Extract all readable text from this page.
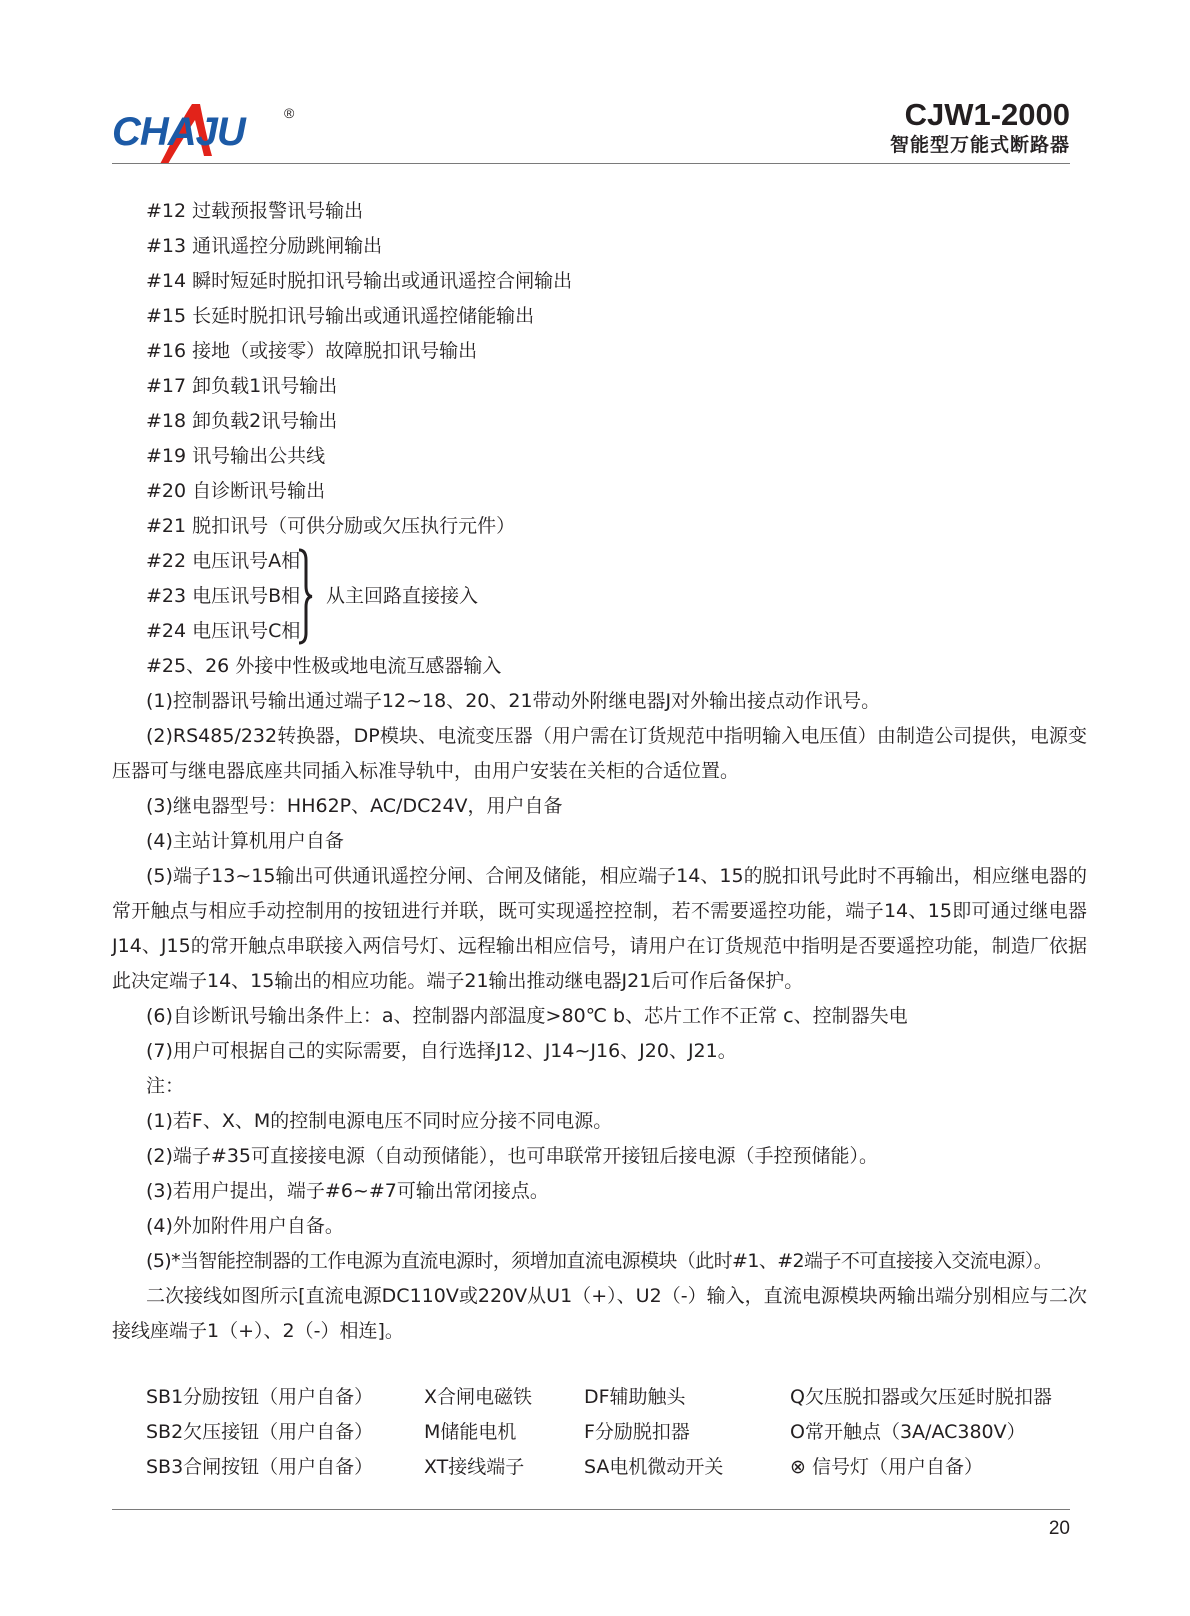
CHAJU	®	CJW1-2000
智能型万能式断路器
#12 过载预报警讯号输出
#13 通讯遥控分励跳闸输出
#14 瞬时短延时脱扣讯号输出或通讯遥控合闸输出
#15 长延时脱扣讯号输出或通讯遥控储能输出
#16 接地（或接零）故障脱扣讯号输出
#17 卸负载1讯号输出
#18 卸负载2讯号输出
#19 讯号输出公共线
#20 自诊断讯号输出
#21 脱扣讯号（可供分励或欠压执行元件）
#22 电压讯号A相
#23 电压讯号B相
#24 电压讯号C相
从主回路直接接入
#25、26 外接中性极或地电流互感器输入
(1)控制器讯号输出通过端子12~18、20、21带动外附继电器J对外输出接点动作讯号。
(2)RS485/232转换器，DP模块、电流变压器（用户需在订货规范中指明输入电压值）由制造公司提供，电源变压器可与继电器底座共同插入标准导轨中，由用户安装在关柜的合适位置。
(3)继电器型号：HH62P、AC/DC24V，用户自备
(4)主站计算机用户自备
(5)端子13~15输出可供通讯遥控分闸、合闸及储能，相应端子14、15的脱扣讯号此时不再输出，相应继电器的常开触点与相应手动控制用的按钮进行并联，既可实现遥控控制，若不需要遥控功能，端子14、15即可通过继电器J14、J15的常开触点串联接入两信号灯、远程输出相应信号，请用户在订货规范中指明是否要遥控功能，制造厂依据此决定端子14、15输出的相应功能。端子21输出推动继电器J21后可作后备保护。
(6)自诊断讯号输出条件上：a、控制器内部温度>80℃ b、芯片工作不正常 c、控制器失电
(7)用户可根据自己的实际需要，自行选择J12、J14~J16、J20、J21。
注：
(1)若F、X、M的控制电源电压不同时应分接不同电源。
(2)端子#35可直接接电源（自动预储能），也可串联常开接钮后接电源（手控预储能）。
(3)若用户提出，端子#6~#7可输出常闭接点。
(4)外加附件用户自备。
(5)*当智能控制器的工作电源为直流电源时，须增加直流电源模块（此时#1、#2端子不可直接接入交流电源）。
二次接线如图所示[直流电源DC110V或220V从U1（+）、U2（-）输入，直流电源模块两输出端分别相应与二次接线座端子1（+）、2（-）相连]。
SB1分励按钮（用户自备）	X合闸电磁铁	DF辅助触头	Q欠压脱扣器或欠压延时脱扣器
SB2欠压接钮（用户自备）	M储能电机	F分励脱扣器	O常开触点（3A/AC380V）
SB3合闸按钮（用户自备）	XT接线端子	SA电机微动开关	⊗ 信号灯（用户自备）
20
